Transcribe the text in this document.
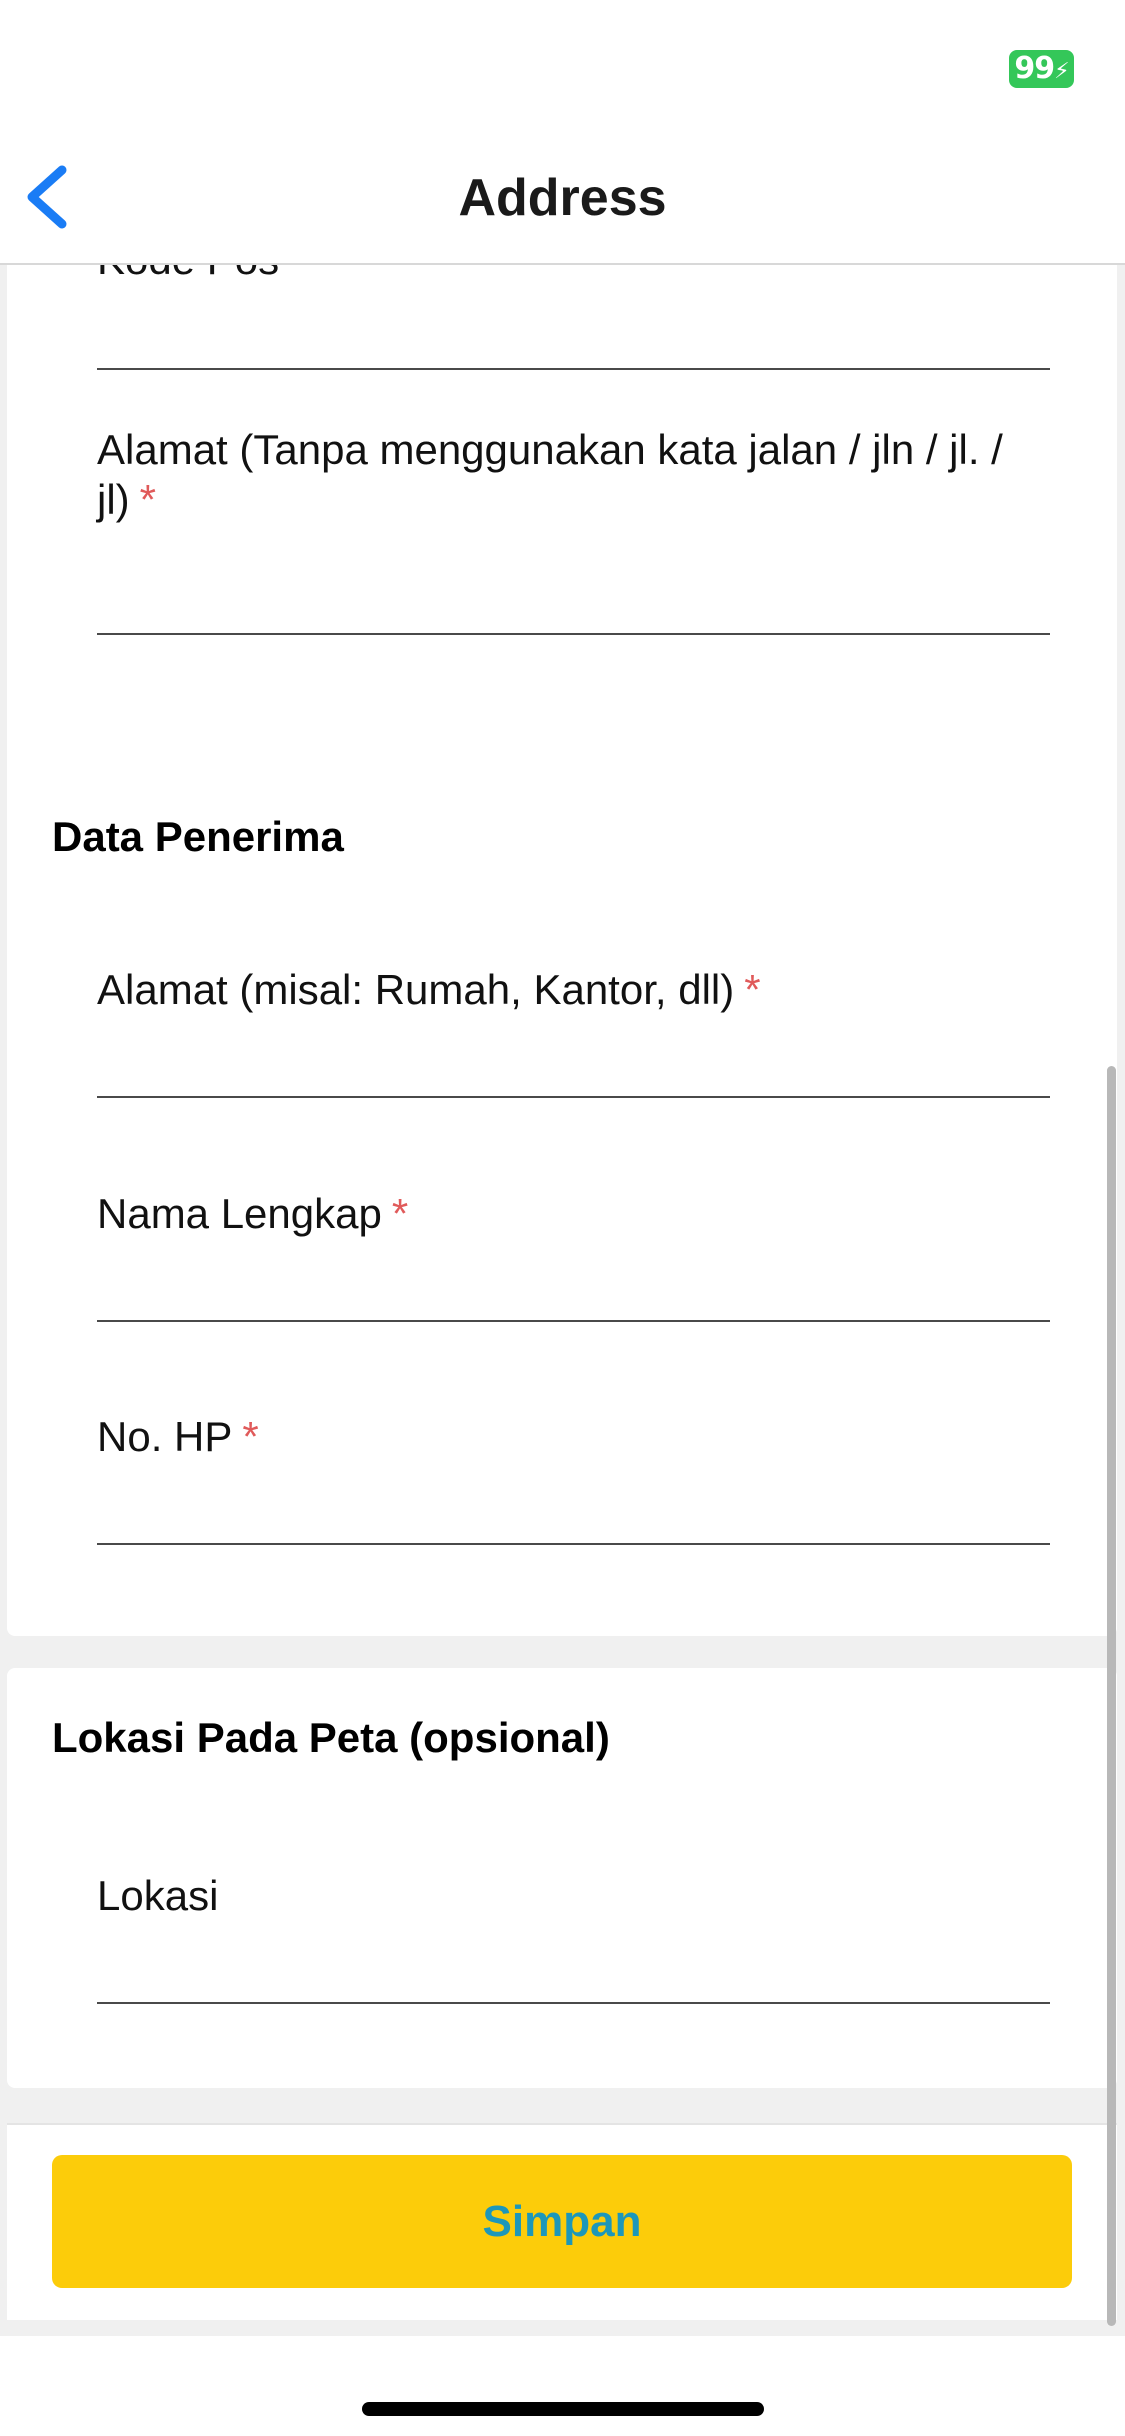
99⚡
Address
Alamat (Tanpa menggunakan kata jalan / jln / jl. / jl) *
Data Penerima
Alamat (misal: Rumah, Kantor, dll) *
Nama Lengkap *
No. HP *
Lokasi Pada Peta (opsional)
Lokasi
Simpan
